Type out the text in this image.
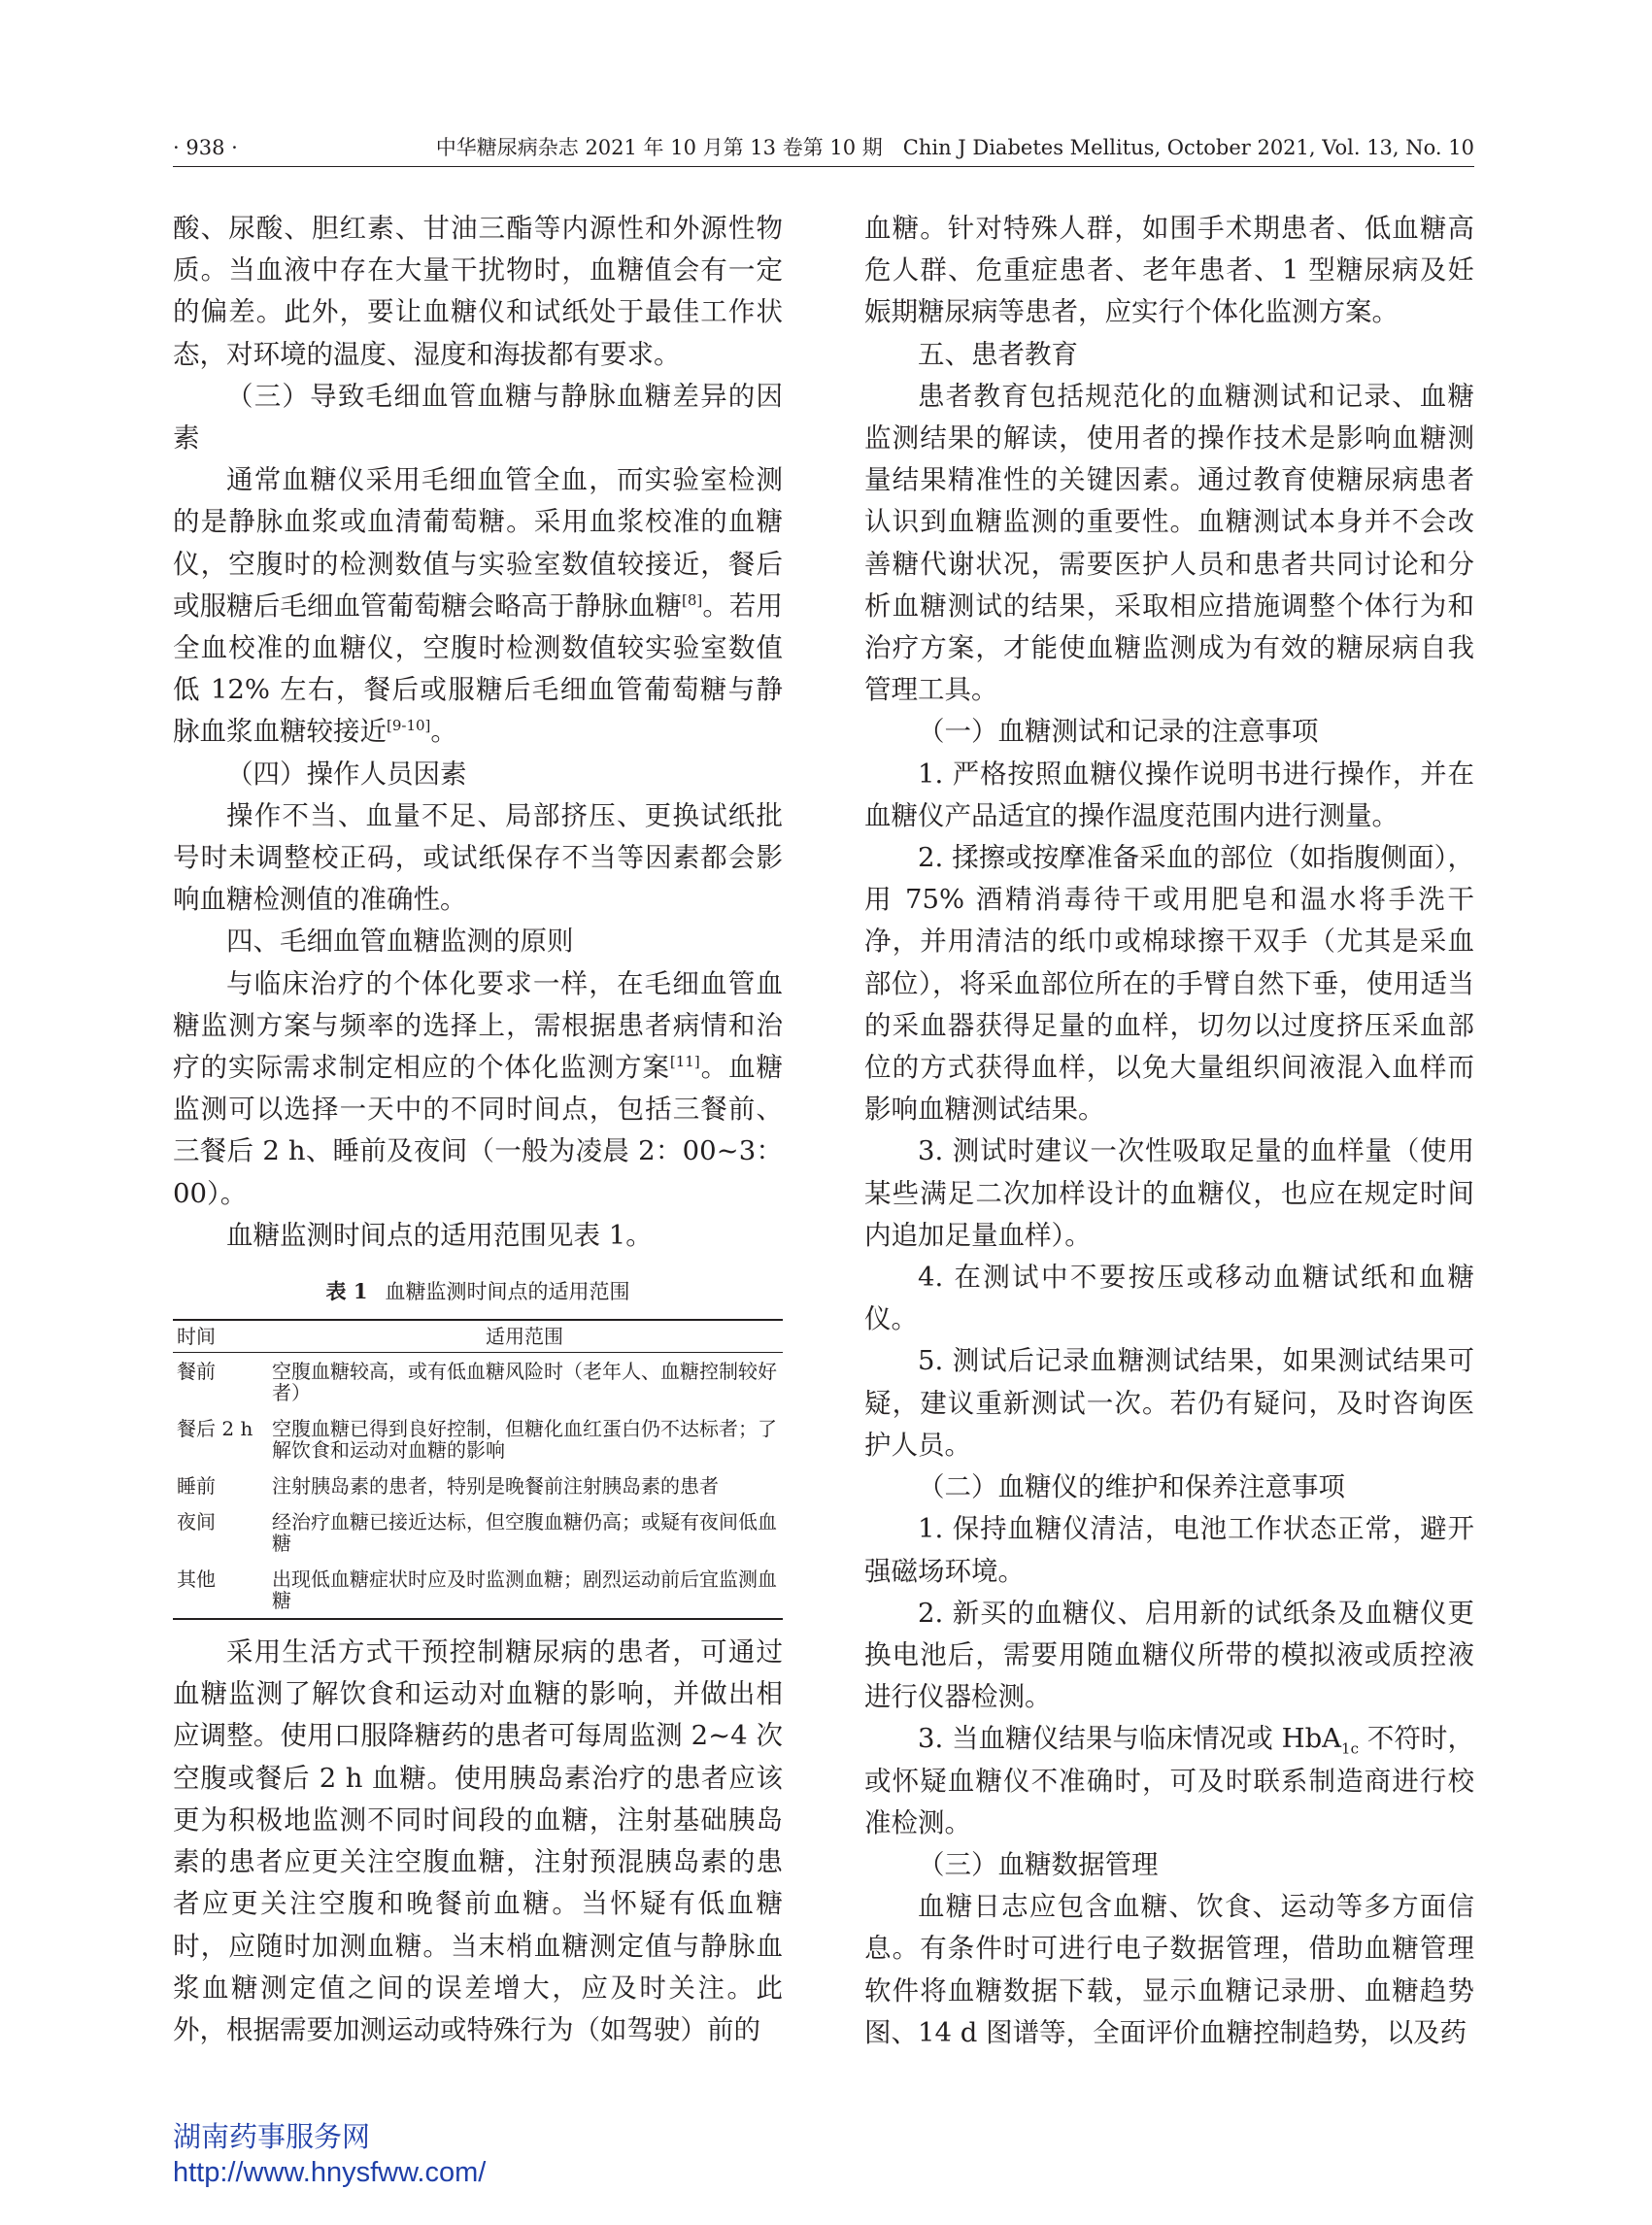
· 938 ·	中华糖尿病杂志 2021 年 10 月第 13 卷第 10 期　Chin J Diabetes Mellitus, October 2021, Vol. 13, No. 10

酸、尿酸、胆红素、甘油三酯等内源性和外源性物质。当血液中存在大量干扰物时，血糖值会有一定的偏差。此外，要让血糖仪和试纸处于最佳工作状态，对环境的温度、湿度和海拔都有要求。

（三）导致毛细血管血糖与静脉血糖差异的因素

通常血糖仪采用毛细血管全血，而实验室检测的是静脉血浆或血清葡萄糖。采用血浆校准的血糖仪，空腹时的检测数值与实验室数值较接近，餐后或服糖后毛细血管葡萄糖会略高于静脉血糖[8]。若用全血校准的血糖仪，空腹时检测数值较实验室数值低 12% 左右，餐后或服糖后毛细血管葡萄糖与静脉血浆血糖较接近[9-10]。

（四）操作人员因素

操作不当、血量不足、局部挤压、更换试纸批号时未调整校正码，或试纸保存不当等因素都会影响血糖检测值的准确性。

四、毛细血管血糖监测的原则

与临床治疗的个体化要求一样，在毛细血管血糖监测方案与频率的选择上，需根据患者病情和治疗的实际需求制定相应的个体化监测方案[11]。血糖监测可以选择一天中的不同时间点，包括三餐前、三餐后 2 h、睡前及夜间（一般为凌晨 2：00~3：00）。

血糖监测时间点的适用范围见表 1。

表 1 血糖监测时间点的适用范围
时间	适用范围
餐前	空腹血糖较高，或有低血糖风险时（老年人、血糖控制较好者）
餐后 2 h	空腹血糖已得到良好控制，但糖化血红蛋白仍不达标者；了解饮食和运动对血糖的影响
睡前	注射胰岛素的患者，特别是晚餐前注射胰岛素的患者
夜间	经治疗血糖已接近达标，但空腹血糖仍高；或疑有夜间低血糖
其他	出现低血糖症状时应及时监测血糖；剧烈运动前后宜监测血糖

采用生活方式干预控制糖尿病的患者，可通过血糖监测了解饮食和运动对血糖的影响，并做出相应调整。使用口服降糖药的患者可每周监测 2~4 次空腹或餐后 2 h 血糖。使用胰岛素治疗的患者应该更为积极地监测不同时间段的血糖，注射基础胰岛素的患者应更关注空腹血糖，注射预混胰岛素的患者应更关注空腹和晚餐前血糖。当怀疑有低血糖时，应随时加测血糖。当末梢血糖测定值与静脉血浆血糖测定值之间的误差增大，应及时关注。此外，根据需要加测运动或特殊行为（如驾驶）前的

血糖。针对特殊人群，如围手术期患者、低血糖高危人群、危重症患者、老年患者、1 型糖尿病及妊娠期糖尿病等患者，应实行个体化监测方案。

五、患者教育

患者教育包括规范化的血糖测试和记录、血糖监测结果的解读，使用者的操作技术是影响血糖测量结果精准性的关键因素。通过教育使糖尿病患者认识到血糖监测的重要性。血糖测试本身并不会改善糖代谢状况，需要医护人员和患者共同讨论和分析血糖测试的结果，采取相应措施调整个体行为和治疗方案，才能使血糖监测成为有效的糖尿病自我管理工具。

（一）血糖测试和记录的注意事项

1. 严格按照血糖仪操作说明书进行操作，并在血糖仪产品适宜的操作温度范围内进行测量。

2. 揉擦或按摩准备采血的部位（如指腹侧面），用 75% 酒精消毒待干或用肥皂和温水将手洗干净，并用清洁的纸巾或棉球擦干双手（尤其是采血部位），将采血部位所在的手臂自然下垂，使用适当的采血器获得足量的血样，切勿以过度挤压采血部位的方式获得血样，以免大量组织间液混入血样而影响血糖测试结果。

3. 测试时建议一次性吸取足量的血样量（使用某些满足二次加样设计的血糖仪，也应在规定时间内追加足量血样）。

4. 在测试中不要按压或移动血糖试纸和血糖仪。

5. 测试后记录血糖测试结果，如果测试结果可疑，建议重新测试一次。若仍有疑问，及时咨询医护人员。

（二）血糖仪的维护和保养注意事项

1. 保持血糖仪清洁，电池工作状态正常，避开强磁场环境。

2. 新买的血糖仪、启用新的试纸条及血糖仪更换电池后，需要用随血糖仪所带的模拟液或质控液进行仪器检测。

3. 当血糖仪结果与临床情况或 HbA$_{1c}$ 不符时，或怀疑血糖仪不准确时，可及时联系制造商进行校准检测。

（三）血糖数据管理

血糖日志应包含血糖、饮食、运动等多方面信息。有条件时可进行电子数据管理，借助血糖管理软件将血糖数据下载，显示血糖记录册、血糖趋势图、14 d 图谱等，全面评价血糖控制趋势，以及药

湖南药事服务网
http://www.hnysfww.com/
